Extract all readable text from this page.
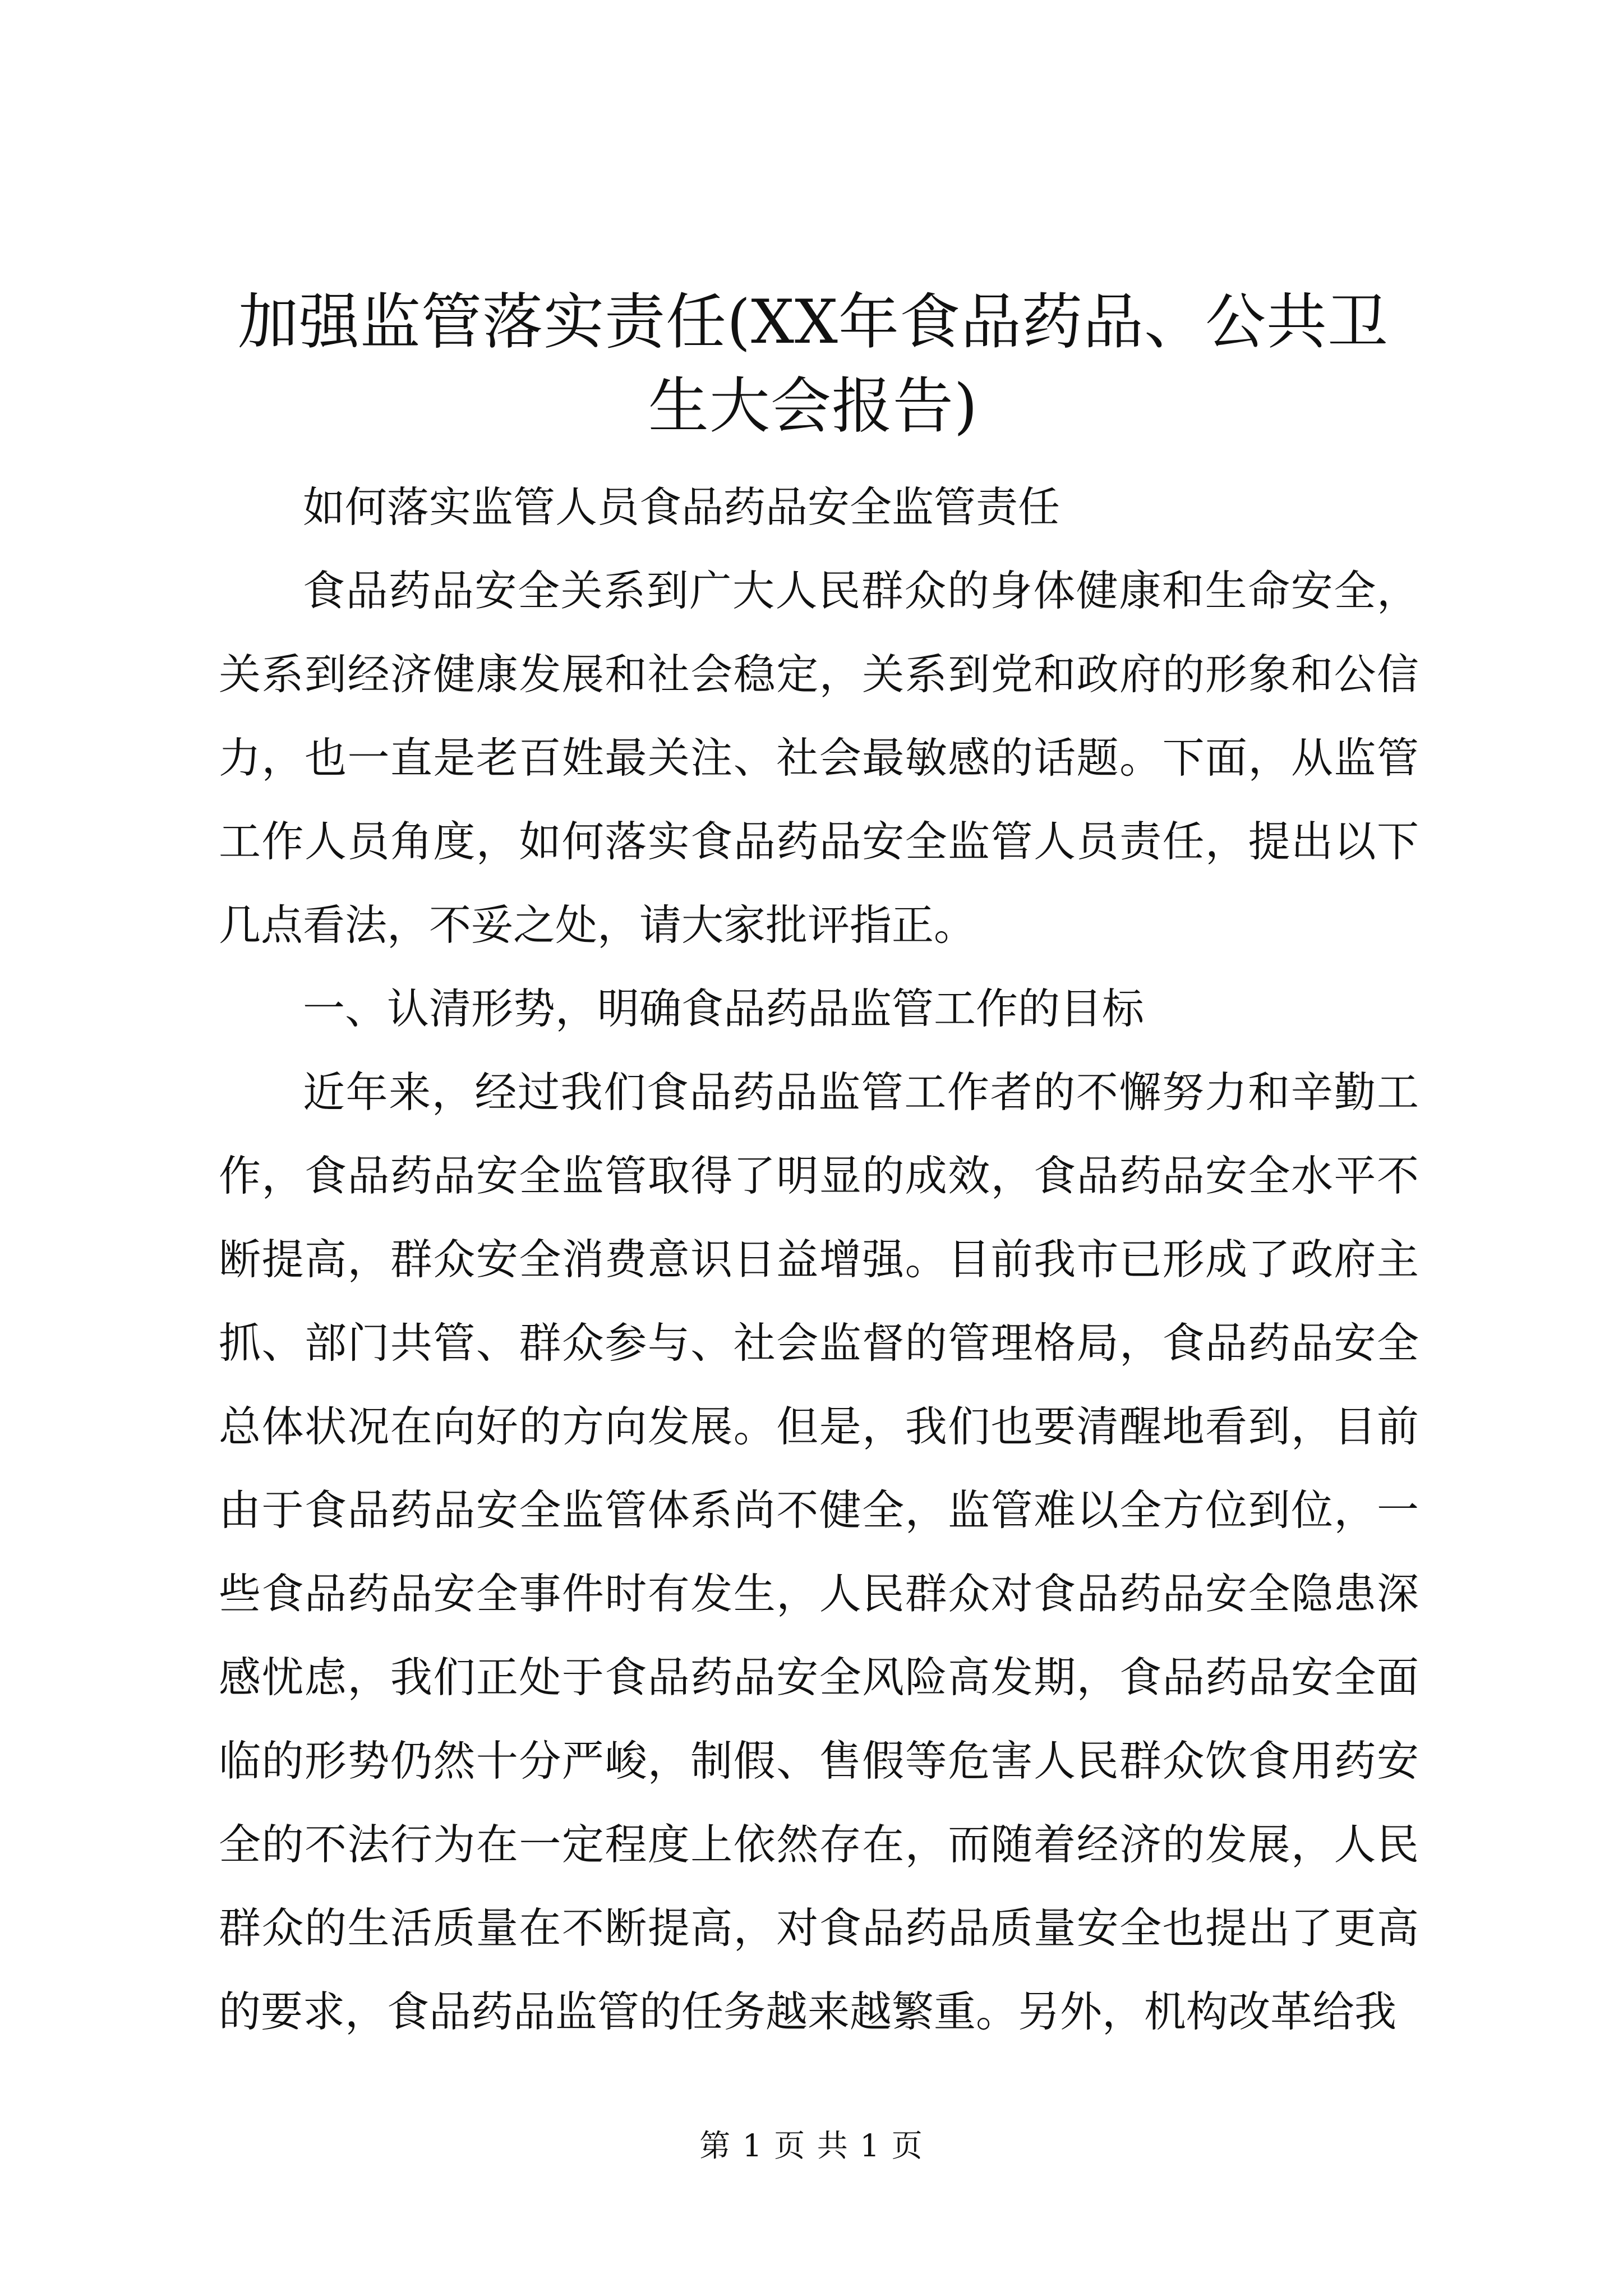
加强监管落实责任(XX年食品药品、公共卫生大会报告)

如何落实监管人员食品药品安全监管责任

食品药品安全关系到广大人民群众的身体健康和生命安全，关系到经济健康发展和社会稳定，关系到党和政府的形象和公信力，也一直是老百姓最关注、社会最敏感的话题。下面，从监管工作人员角度，如何落实食品药品安全监管人员责任，提出以下几点看法，不妥之处，请大家批评指正。

一、认清形势，明确食品药品监管工作的目标

近年来，经过我们食品药品监管工作者的不懈努力和辛勤工作，食品药品安全监管取得了明显的成效，食品药品安全水平不断提高，群众安全消费意识日益增强。目前我市已形成了政府主抓、部门共管、群众参与、社会监督的管理格局，食品药品安全总体状况在向好的方向发展。但是，我们也要清醒地看到，目前由于食品药品安全监管体系尚不健全，监管难以全方位到位，一些食品药品安全事件时有发生，人民群众对食品药品安全隐患深感忧虑，我们正处于食品药品安全风险高发期，食品药品安全面临的形势仍然十分严峻，制假、售假等危害人民群众饮食用药安全的不法行为在一定程度上依然存在，而随着经济的发展，人民群众的生活质量在不断提高，对食品药品质量安全也提出了更高的要求，食品药品监管的任务越来越繁重。另外，机构改革给我

第 1 页 共 1 页
